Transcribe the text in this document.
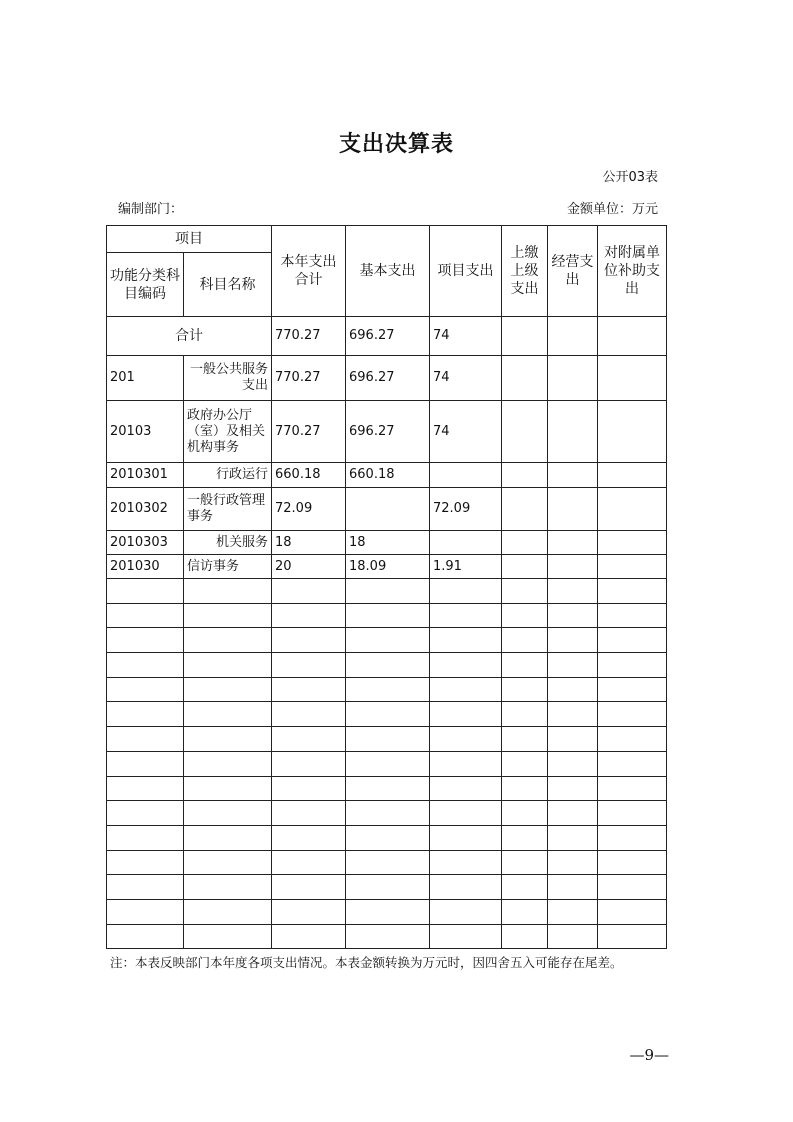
支出决算表
公开03表
编制部门：	金额单位：万元
项目		本年支出合计	基本支出	项目支出	上缴上级支出	经营支出	对附属单位补助支出
功能分类科目编码	科目名称						
合计		770.27	696.27	74			
201	一般公共服务支出	770.27	696.27	74			
20103	政府办公厅（室）及相关机构事务	770.27	696.27	74			
2010301	行政运行	660.18	660.18				
2010302	一般行政管理事务	72.09		72.09			
2010303	机关服务	18	18				
201030	信访事务	20	18.09	1.91			

注：本表反映部门本年度各项支出情况。本表金额转换为万元时，因四舍五入可能存在尾差。
—9—
